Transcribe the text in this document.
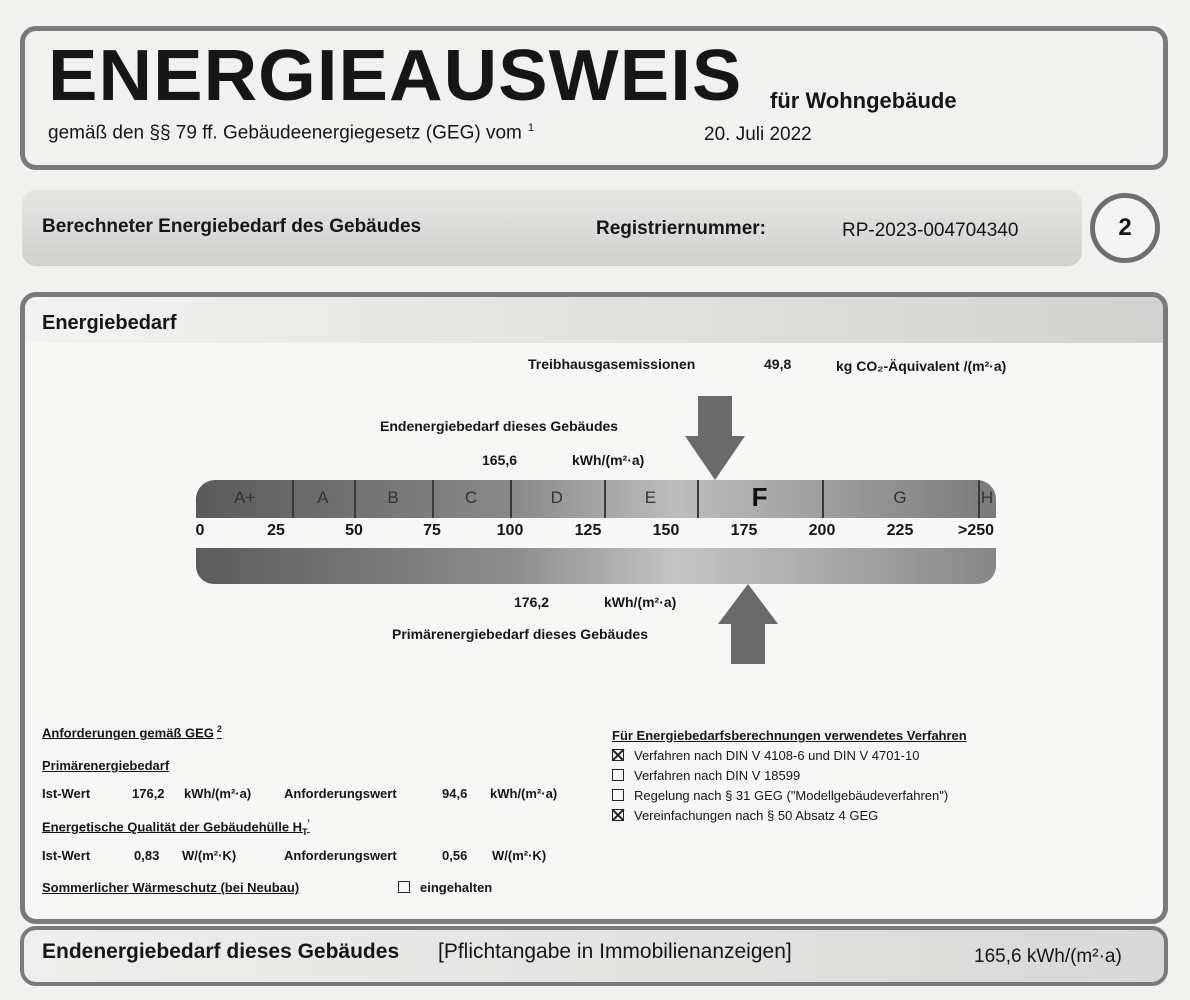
ENERGIEAUSWEIS für Wohngebäude
gemäß den §§ 79 ff. Gebäudeenergiegesetz (GEG) vom $^1$	20. Juli 2022
Berechneter Energiebedarf des Gebäudes	Registriernummer:	RP-2023-004704340	2
Energiebedarf
Treibhausgasemissionen	49,8	kg CO₂-Äquivalent /(m²·a)
Endenergiebedarf dieses Gebäudes
165,6	kWh/(m²·a)
A+	A	B	C	D	E	F	G	H
0	25	50	75	100	125	150	175	200	225	>250
176,2	kWh/(m²·a)
Primärenergiebedarf dieses Gebäudes
Anforderungen gemäß GEG $^2$
Primärenergiebedarf
Ist-Wert	176,2 kWh/(m²·a)	Anforderungswert	94,6 kWh/(m²·a)
Energetische Qualität der Gebäudehülle $H_T'$
Ist-Wert	0,83 W/(m²·K)	Anforderungswert	0,56 W/(m²·K)
Sommerlicher Wärmeschutz (bei Neubau)	eingehalten
Für Energiebedarfsberechnungen verwendetes Verfahren
Verfahren nach DIN V 4108-6 und DIN V 4701-10
Verfahren nach DIN V 18599
Regelung nach § 31 GEG ("Modellgebäudeverfahren")
Vereinfachungen nach § 50 Absatz 4 GEG
Endenergiebedarf dieses Gebäudes [Pflichtangabe in Immobilienanzeigen]	165,6 kWh/(m²·a)
